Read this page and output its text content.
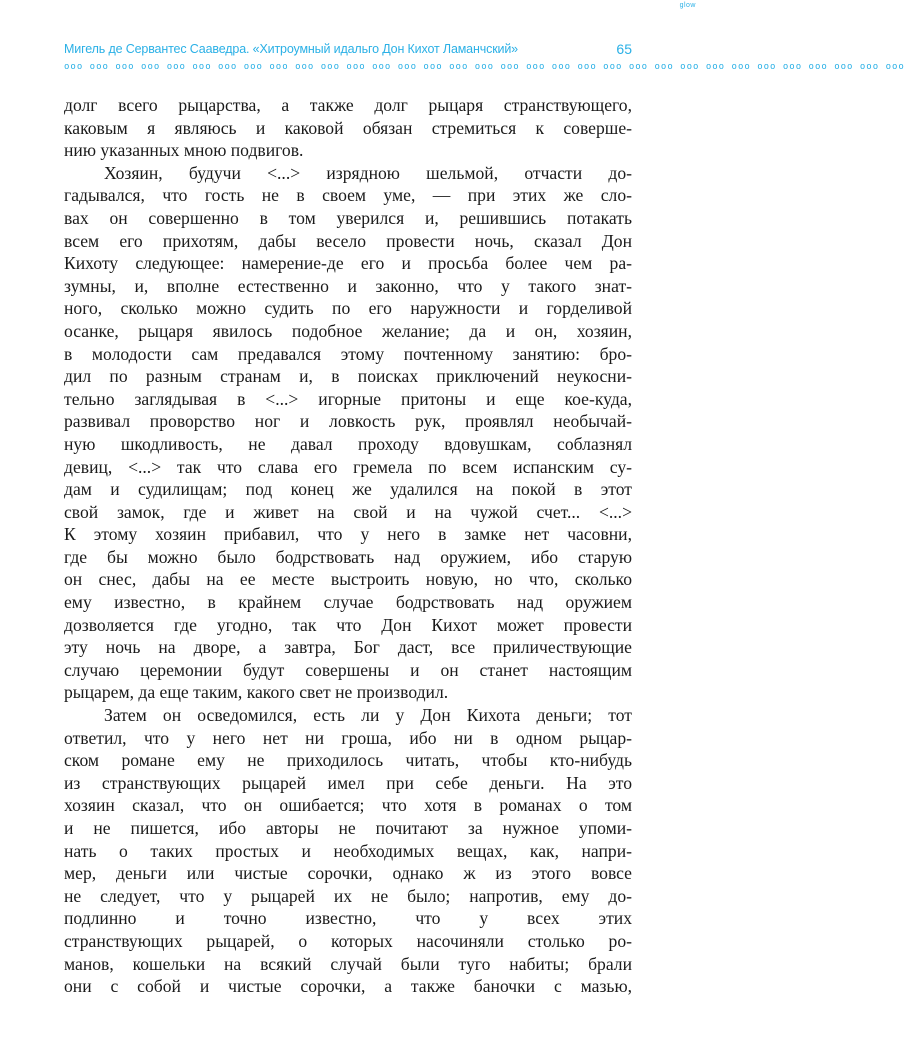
glow
Мигель де Сервантес Сааведра. «Хитроумный идальго Дон Кихот Ламанчский»	65
ooo ooo ooo ooo ooo ooo ooo ooo ooo ooo ooo ooo ooo ooo ooo ooo ooo ooo ooo ooo ooo ooo ooo ooo ooo ooo ooo ooo ooo ooo ooo ooo ooo
долг всего рыцарства, а также долг рыцаря странствующего,
каковым я являюсь и каковой обязан стремиться к соверше-
нию указанных мною подвигов.
Хозяин, будучи <...> изрядною шельмой, отчасти до-
гадывался, что гость не в своем уме, — при этих же сло-
вах он совершенно в том уверился и, решившись потакать
всем его прихотям, дабы весело провести ночь, сказал Дон
Кихоту следующее: намерение-де его и просьба более чем ра-
зумны, и, вполне естественно и законно, что у такого знат-
ного, сколько можно судить по его наружности и горделивой
осанке, рыцаря явилось подобное желание; да и он, хозяин,
в молодости сам предавался этому почтенному занятию: бро-
дил по разным странам и, в поисках приключений неукосни-
тельно заглядывая в <...> игорные притоны и еще кое-куда,
развивал проворство ног и ловкость рук, проявлял необычай-
ную шкодливость, не давал проходу вдовушкам, соблазнял
девиц, <...> так что слава его гремела по всем испанским су-
дам и судилищам; под конец же удалился на покой в этот
свой замок, где и живет на свой и на чужой счет... <...>
К этому хозяин прибавил, что у него в замке нет часовни,
где бы можно было бодрствовать над оружием, ибо старую
он снес, дабы на ее месте выстроить новую, но что, сколько
ему известно, в крайнем случае бодрствовать над оружием
дозволяется где угодно, так что Дон Кихот может провести
эту ночь на дворе, а завтра, Бог даст, все приличествующие
случаю церемонии будут совершены и он станет настоящим
рыцарем, да еще таким, какого свет не производил.
Затем он осведомился, есть ли у Дон Кихота деньги; тот
ответил, что у него нет ни гроша, ибо ни в одном рыцар-
ском романе ему не приходилось читать, чтобы кто-нибудь
из странствующих рыцарей имел при себе деньги. На это
хозяин сказал, что он ошибается; что хотя в романах о том
и не пишется, ибо авторы не почитают за нужное упоми-
нать о таких простых и необходимых вещах, как, напри-
мер, деньги или чистые сорочки, однако ж из этого вовсе
не следует, что у рыцарей их не было; напротив, ему до-
подлинно и точно известно, что у всех этих
странствующих рыцарей, о которых насочиняли столько ро-
манов, кошельки на всякий случай были туго набиты; брали
они с собой и чистые сорочки, а также баночки с мазью,
